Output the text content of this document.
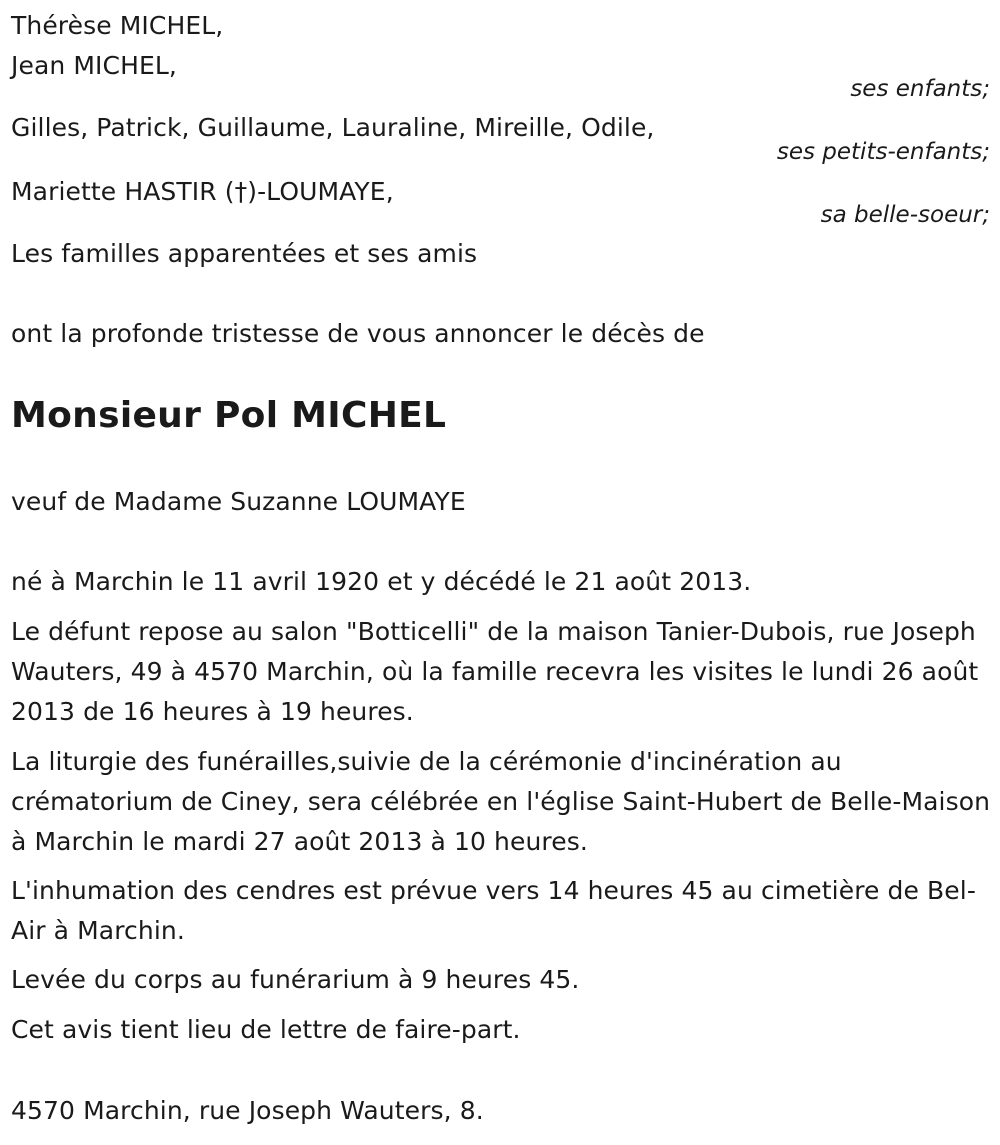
Thérèse MICHEL,
Jean MICHEL,
ses enfants;
Gilles, Patrick, Guillaume, Lauraline, Mireille, Odile,
ses petits-enfants;
Mariette HASTIR (†)-LOUMAYE,
sa belle-soeur;
Les familles apparentées et ses amis
ont la profonde tristesse de vous annoncer le décès de
Monsieur Pol MICHEL
veuf de Madame Suzanne LOUMAYE
né à Marchin le 11 avril 1920 et y décédé le 21 août 2013.
Le défunt repose au salon "Botticelli" de la maison Tanier-Dubois, rue Joseph Wauters, 49 à 4570 Marchin, où la famille recevra les visites le lundi 26 août 2013 de 16 heures à 19 heures.
La liturgie des funérailles,suivie de la cérémonie d'incinération au crématorium de Ciney, sera célébrée en l'église Saint-Hubert de Belle-Maison à Marchin le mardi 27 août 2013 à 10 heures.
L'inhumation des cendres est prévue vers 14 heures 45 au cimetière de Bel-Air à Marchin.
Levée du corps au funérarium à 9 heures 45.
Cet avis tient lieu de lettre de faire-part.
4570 Marchin, rue Joseph Wauters, 8.
